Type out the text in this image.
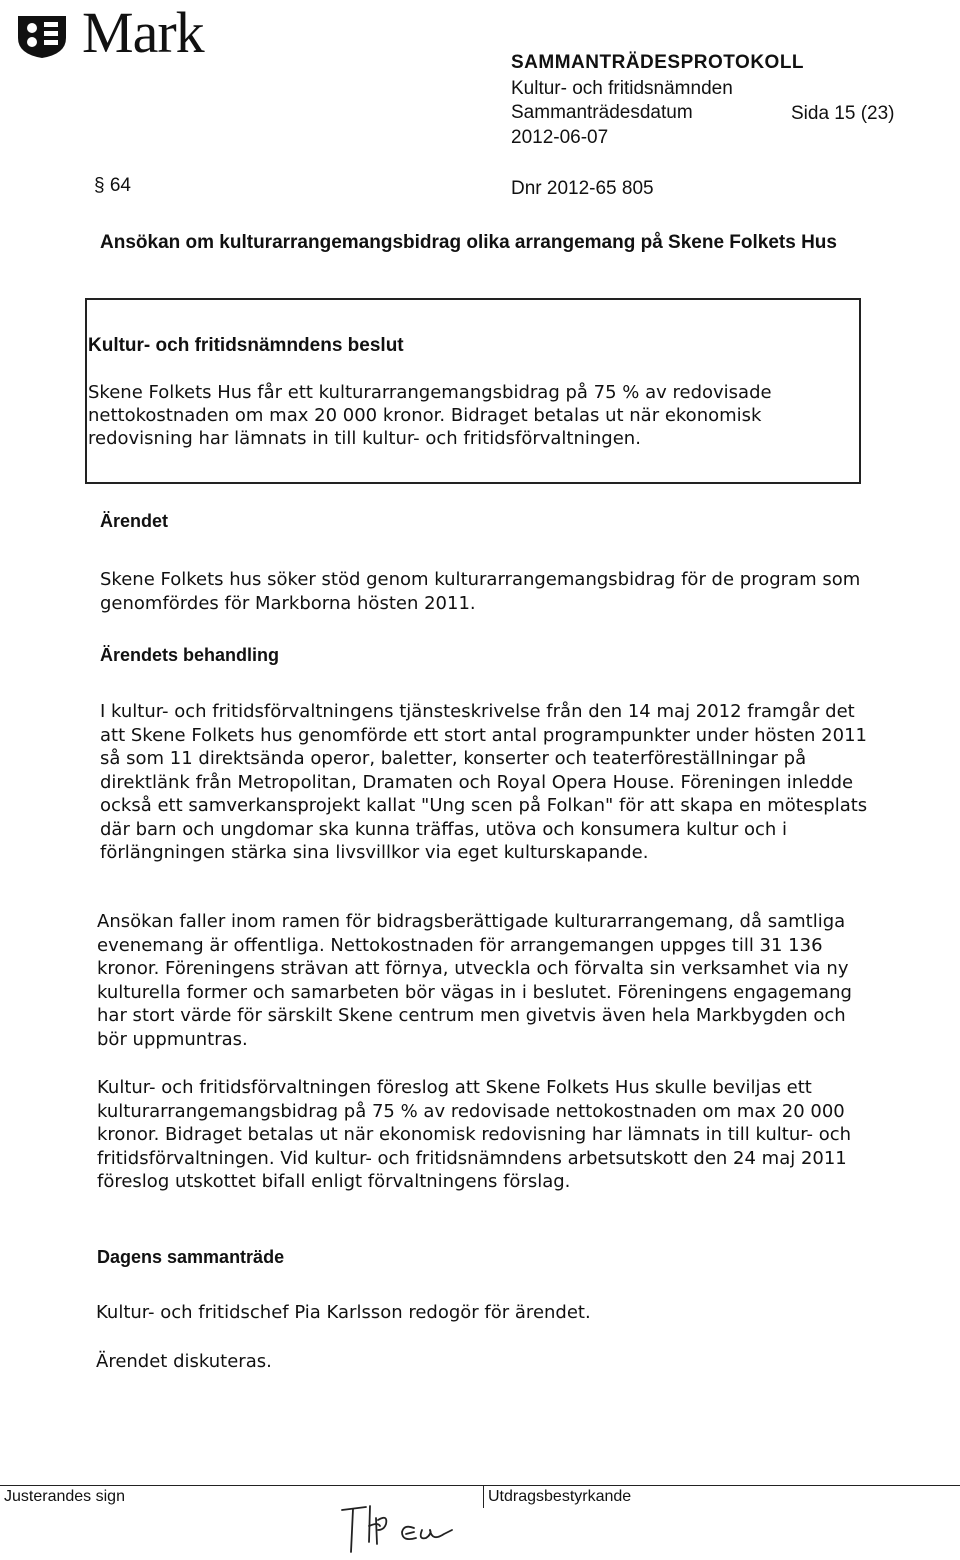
Mark	SAMMANTRÄDESPROTOKOLL
Kultur- och fritidsnämnden
Sammanträdesdatum	Sida 15 (23)
2012-06-07
§ 64	Dnr 2012-65 805
Ansökan om kulturarrangemangsbidrag olika arrangemang på Skene Folkets Hus
Kultur- och fritidsnämndens beslut
Skene Folkets Hus får ett kulturarrangemangsbidrag på 75 % av redovisade nettokostnaden om max 20 000 kronor. Bidraget betalas ut när ekonomisk redovisning har lämnats in till kultur- och fritidsförvaltningen.
Ärendet
Skene Folkets hus söker stöd genom kulturarrangemangsbidrag för de program som genomfördes för Markborna hösten 2011.
Ärendets behandling
I kultur- och fritidsförvaltningens tjänsteskrivelse från den 14 maj 2012 framgår det att Skene Folkets hus genomförde ett stort antal programpunkter under hösten 2011 så som 11 direktsända operor, baletter, konserter och teaterföreställningar på direktlänk från Metropolitan, Dramaten och Royal Opera House. Föreningen inledde också ett samverkansprojekt kallat "Ung scen på Folkan" för att skapa en mötesplats där barn och ungdomar ska kunna träffas, utöva och konsumera kultur och i förlängningen stärka sina livsvillkor via eget kulturskapande.
Ansökan faller inom ramen för bidragsberättigade kulturarrangemang, då samtliga evenemang är offentliga. Nettokostnaden för arrangemangen uppges till 31 136 kronor. Föreningens strävan att förnya, utveckla och förvalta sin verksamhet via ny kulturella former och samarbeten bör vägas in i beslutet. Föreningens engagemang har stort värde för särskilt Skene centrum men givetvis även hela Markbygden och bör uppmuntras.
Kultur- och fritidsförvaltningen föreslog att Skene Folkets Hus skulle beviljas ett kulturarrangemangsbidrag på 75 % av redovisade nettokostnaden om max 20 000 kronor. Bidraget betalas ut när ekonomisk redovisning har lämnats in till kultur- och fritidsförvaltningen. Vid kultur- och fritidsnämndens arbetsutskott den 24 maj 2011 föreslog utskottet bifall enligt förvaltningens förslag.
Dagens sammanträde
Kultur- och fritidschef Pia Karlsson redogör för ärendet.
Ärendet diskuteras.
Justerandes sign	Utdragsbestyrkande
